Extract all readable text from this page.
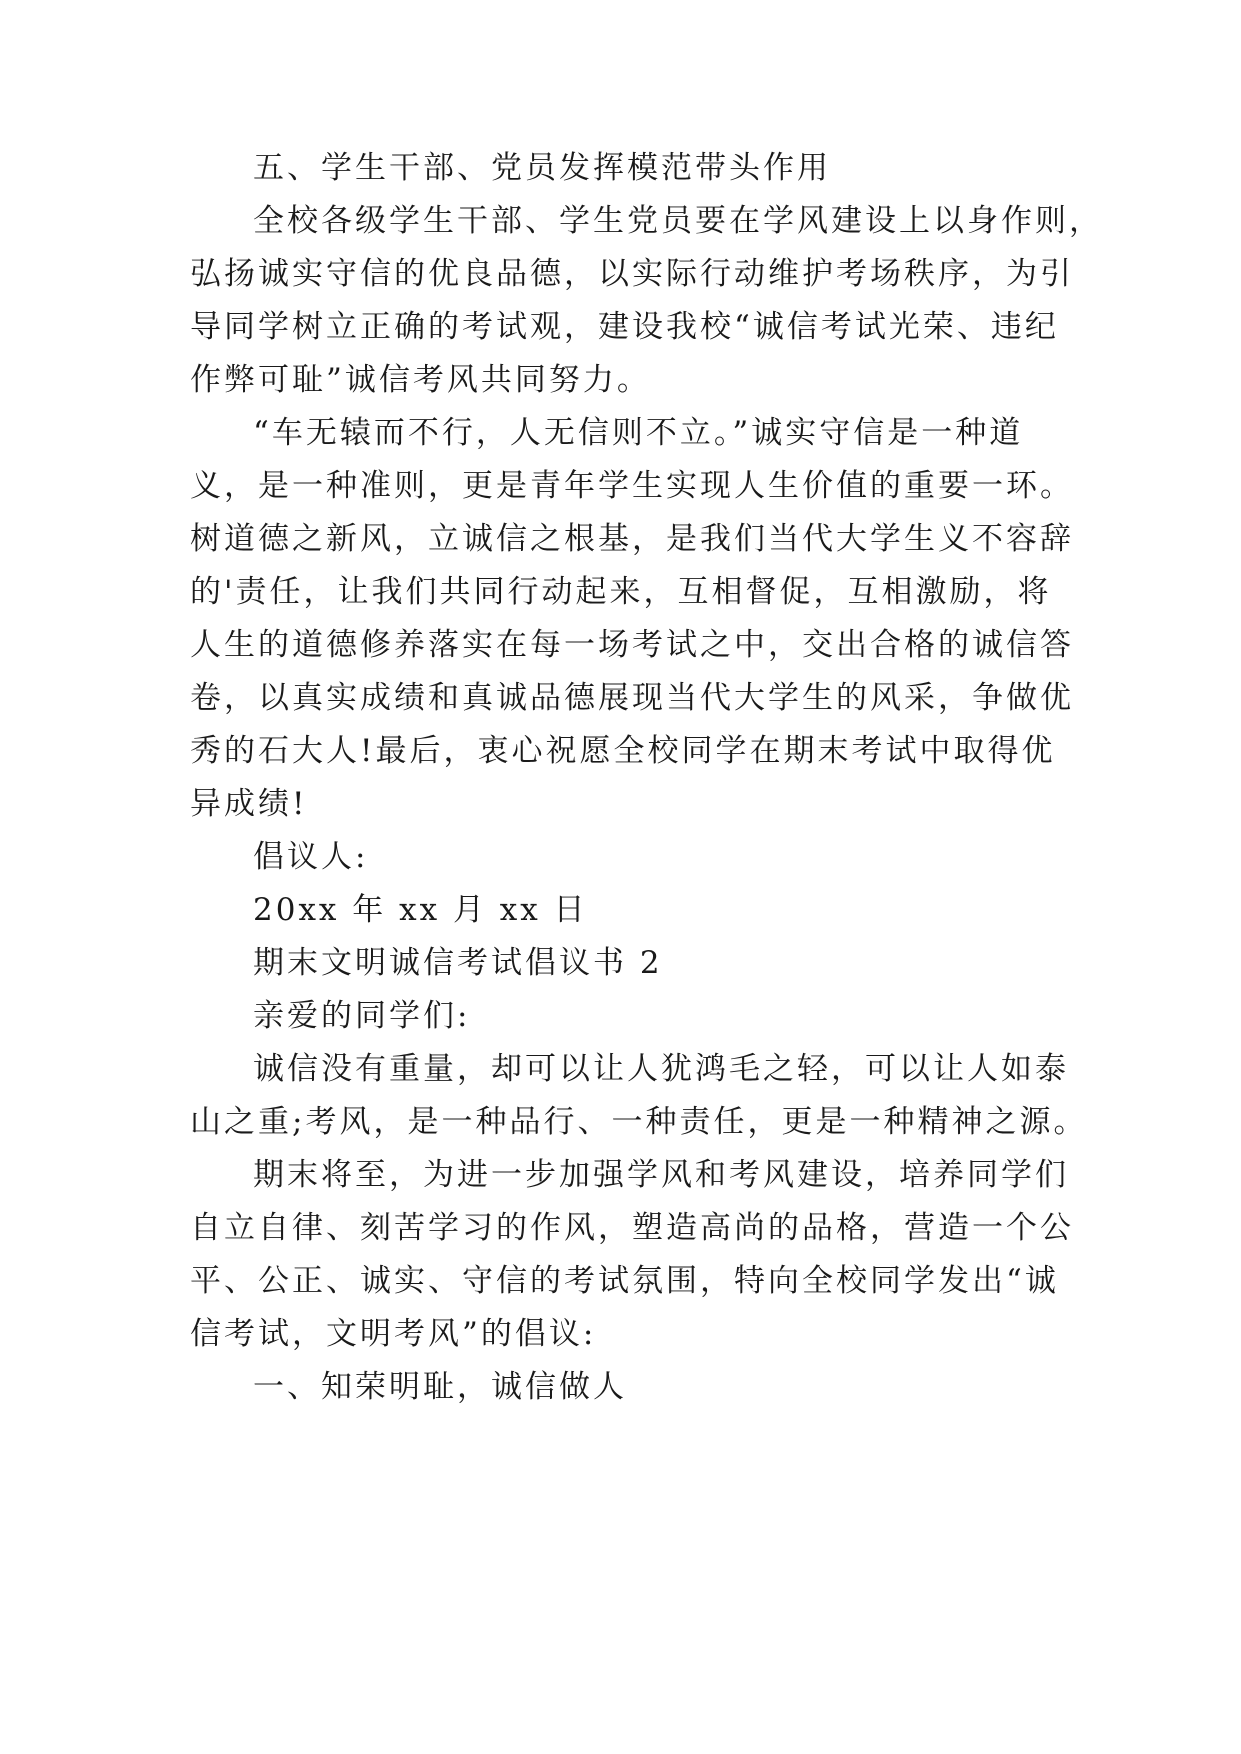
五、学生干部、党员发挥模范带头作用
全校各级学生干部、学生党员要在学风建设上以身作则，
弘扬诚实守信的优良品德，以实际行动维护考场秩序，为引
导同学树立正确的考试观，建设我校“诚信考试光荣、违纪
作弊可耻”诚信考风共同努力。
“车无辕而不行，人无信则不立。”诚实守信是一种道
义，是一种准则，更是青年学生实现人生价值的重要一环。
树道德之新风，立诚信之根基，是我们当代大学生义不容辞
的'责任，让我们共同行动起来，互相督促，互相激励，将
人生的道德修养落实在每一场考试之中，交出合格的诚信答
卷，以真实成绩和真诚品德展现当代大学生的风采，争做优
秀的石大人!最后，衷心祝愿全校同学在期末考试中取得优
异成绩!
倡议人:
20xx 年 xx 月 xx 日
期末文明诚信考试倡议书 2
亲爱的同学们:
诚信没有重量，却可以让人犹鸿毛之轻，可以让人如泰
山之重;考风，是一种品行、一种责任，更是一种精神之源。
期末将至，为进一步加强学风和考风建设，培养同学们
自立自律、刻苦学习的作风，塑造高尚的品格，营造一个公
平、公正、诚实、守信的考试氛围，特向全校同学发出“诚
信考试，文明考风”的倡议:
一、知荣明耻，诚信做人
